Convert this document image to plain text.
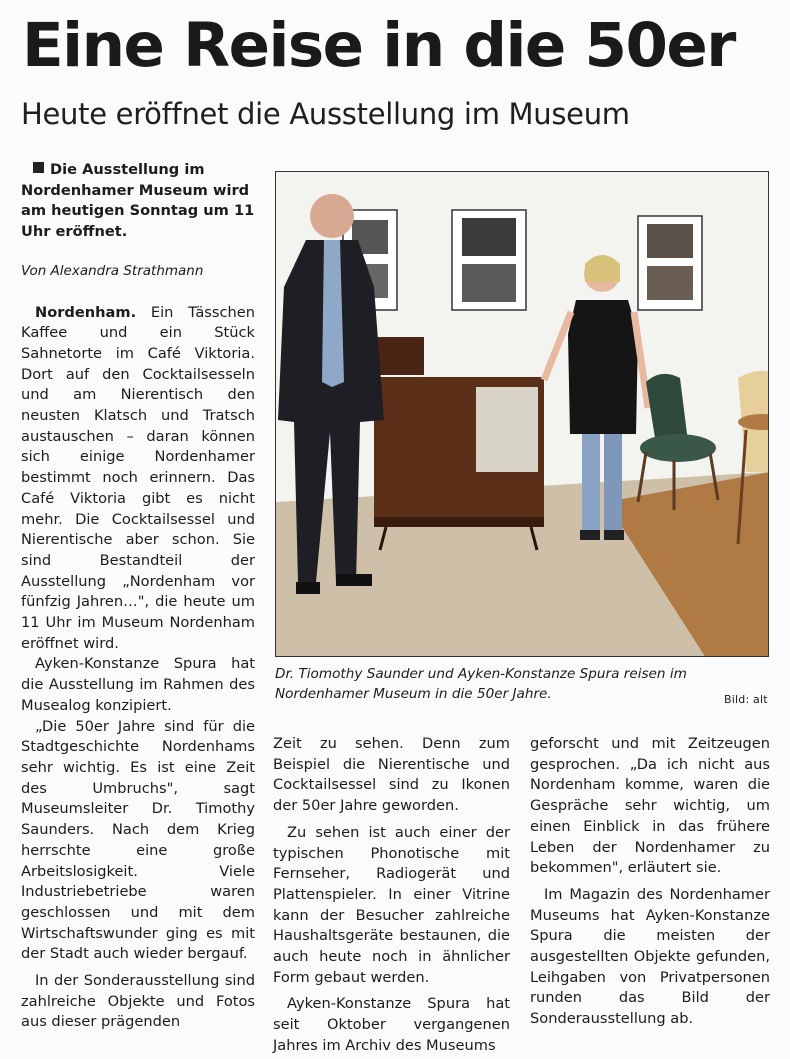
Eine Reise in die 50er
Heute eröffnet die Ausstellung im Museum

Die Ausstellung im Nordenhamer Museum wird am heutigen Sonntag um 11 Uhr eröffnet.

Von Alexandra Strathmann

Nordenham. Ein Tässchen Kaffee und ein Stück Sahnetorte im Café Viktoria. Dort auf den Cocktailsesseln und am Nierentisch den neusten Klatsch und Tratsch austauschen – daran können sich einige Nordenhamer bestimmt noch erinnern. Das Café Viktoria gibt es nicht mehr. Die Cocktailsessel und Nierentische aber schon. Sie sind Bestandteil der Ausstellung „Nordenham vor fünfzig Jahren…", die heute um 11 Uhr im Museum Nordenham eröffnet wird.

Ayken-Konstanze Spura hat die Ausstellung im Rahmen des Musealog konzipiert.

„Die 50er Jahre sind für die Stadtgeschichte Nordenhams sehr wichtig. Es ist eine Zeit des Umbruchs", sagt Museumsleiter Dr. Timothy Saunders. Nach dem Krieg herrschte eine große Arbeitslosigkeit. Viele Industriebetriebe waren geschlossen und mit dem Wirtschaftswunder ging es mit der Stadt auch wieder bergauf.

In der Sonderausstellung sind zahlreiche Objekte und Fotos aus dieser prägenden

Dr. Tiomothy Saunder und Ayken-Konstanze Spura reisen im Nordenhamer Museum in die 50er Jahre.	Bild: alt

Zeit zu sehen. Denn zum Beispiel die Nierentische und Cocktailsessel sind zu Ikonen der 50er Jahre geworden.

Zu sehen ist auch einer der typischen Phonotische mit Fernseher, Radiogerät und Plattenspieler. In einer Vitrine kann der Besucher zahlreiche Haushaltsgeräte bestaunen, die auch heute noch in ähnlicher Form gebaut werden.

Ayken-Konstanze Spura hat seit Oktober vergangenen Jahres im Archiv des Museums

geforscht und mit Zeitzeugen gesprochen. „Da ich nicht aus Nordenham komme, waren die Gespräche sehr wichtig, um einen Einblick in das frühere Leben der Nordenhamer zu bekommen", erläutert sie.

Im Magazin des Nordenhamer Museums hat Ayken-Konstanze Spura die meisten der ausgestellten Objekte gefunden, Leihgaben von Privatpersonen runden das Bild der Sonderausstellung ab.
